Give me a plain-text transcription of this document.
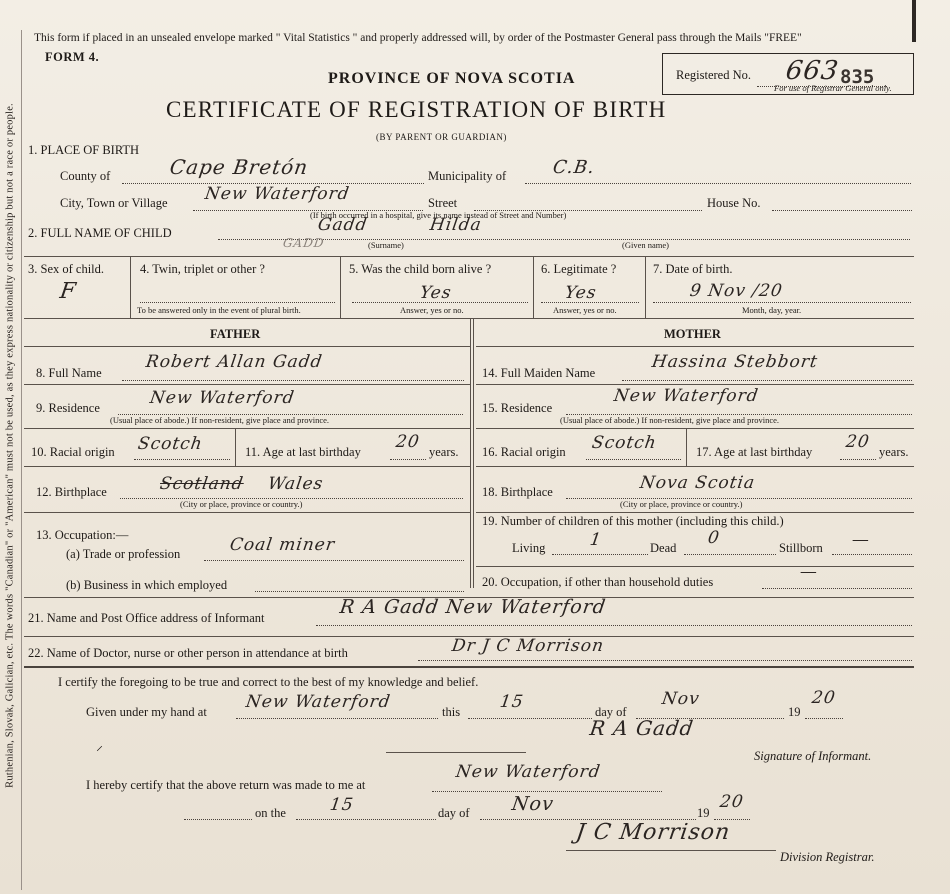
Ruthenian, Slovak, Galician, etc. The words "Canadian" or "American" must not be used, as they express nationality or citizenship but not a race or people.
This form if placed in an unsealed envelope marked " Vital Statistics " and properly addressed will, by order of the Postmaster General pass through the Mails "FREE"
FORM 4.
PROVINCE OF NOVA SCOTIA
CERTIFICATE OF REGISTRATION OF BIRTH
(BY PARENT OR GUARDIAN)
Registered No. 663 835
For use of Registrar General only.
1. PLACE OF BIRTH
County of	Cape Bretón	Municipality of	C.B.
City, Town or Village New Waterford	Street	House No.
(If birth occurred in a hospital, give its name instead of Street and Number)
2. FULL NAME OF CHILD	Gadd
GADD
Hilda
(Surname)	(Given name)
3. Sex of child.
F
4. Twin, triplet or other ?
To be answered only in the event of plural birth.
5. Was the child born alive ?
Yes
Answer, yes or no.
6. Legitimate ?
Yes
Answer, yes or no.
7. Date of birth.
9 Nov /20
Month, day, year.
FATHER	MOTHER
8. Full Name
Robert Allan Gadd
9. Residence	New Waterford
(Usual place of abode.) If non-resident, give place and province.
10. Racial origin Scotch	11. Age at last birthday 20 years.
12. Birthplace	Scotland Wales
(City or place, province or country.)
13. Occupation:—
(a) Trade or profession	Coal miner
(b) Business in which employed
14. Full Maiden Name
Hassina Stebbort
15. Residence
New Waterford
(Usual place of abode.) If non-resident, give place and province.
16. Racial origin Scotch	17. Age at last birthday 20 years.
18. Birthplace	Nova Scotia
(City or place, province or country.)
19. Number of children of this mother (including this child.)
Living	1	Dead 0	Stillborn —
20. Occupation, if other than household duties	—
21. Name and Post Office address of Informant	R A Gadd New Waterford
22. Name of Doctor, nurse or other person in attendance at birth	Dr J C Morrison
I certify the foregoing to be true and correct to the best of my knowledge and belief.
Given under my hand at New Waterford	this 15	day of
Nov
19
20
R A Gadd
Signature of Informant.
⸝
I hereby certify that the above return was made to me at
New Waterford
on the	15	day of Nov	19
20
J C Morrison
Division Registrar.
